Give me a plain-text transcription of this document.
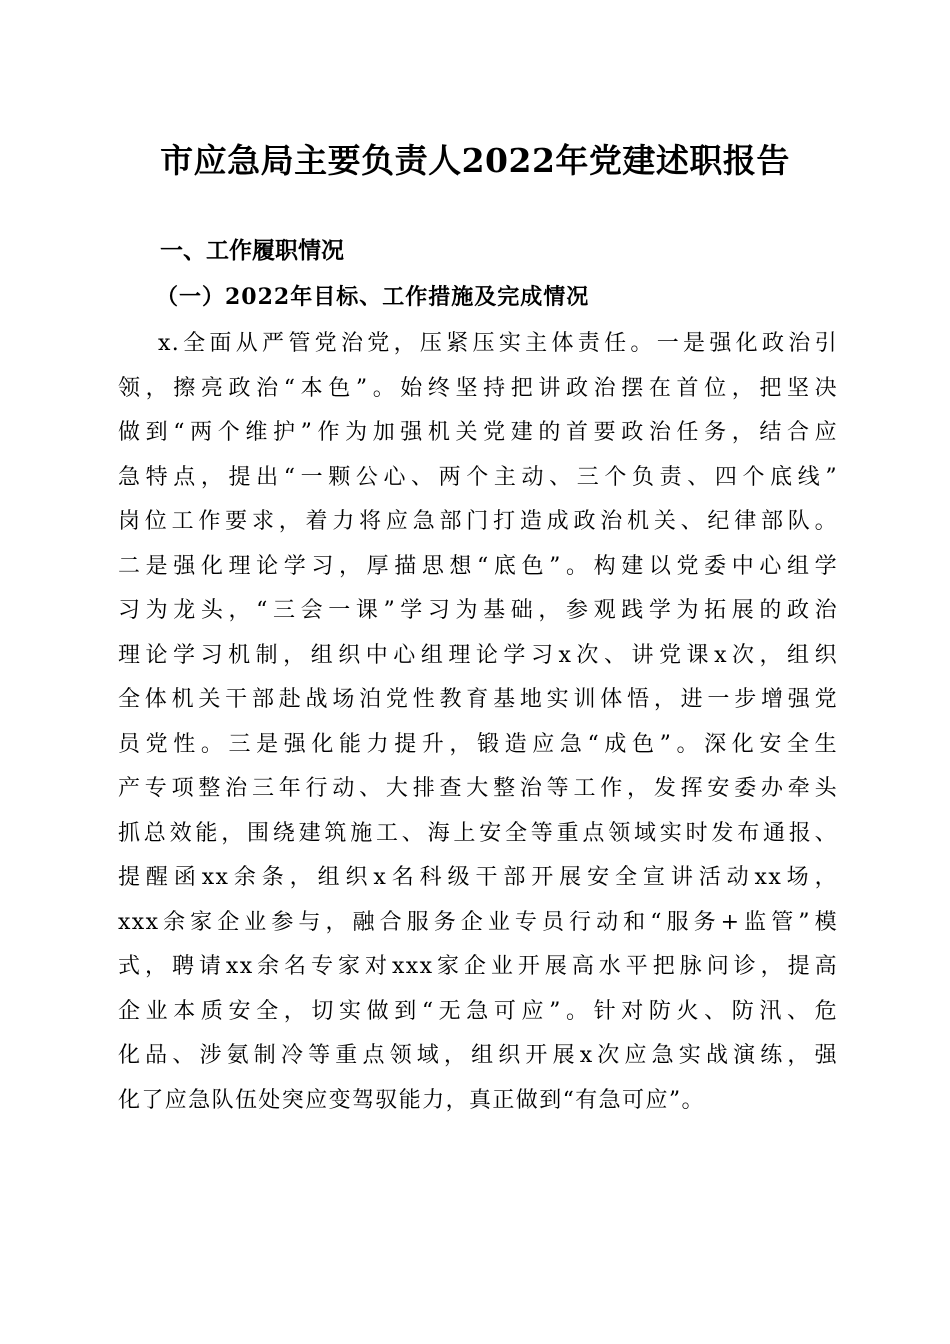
市应急局主要负责人2022年党建述职报告
一、工作履职情况
（一）2022年目标、工作措施及完成情况
x.全面从严管党治党，压紧压实主体责任。一是强化政治引
领，擦亮政治“本色”。始终坚持把讲政治摆在首位，把坚决
做到“两个维护”作为加强机关党建的首要政治任务，结合应
急特点，提出“一颗公心、两个主动、三个负责、四个底线”
岗位工作要求，着力将应急部门打造成政治机关、纪律部队。
二是强化理论学习，厚描思想“底色”。构建以党委中心组学
习为龙头，“三会一课”学习为基础，参观践学为拓展的政治
理论学习机制，组织中心组理论学习x次、讲党课x次，组织
全体机关干部赴战场泊党性教育基地实训体悟，进一步增强党
员党性。三是强化能力提升，锻造应急“成色”。深化安全生
产专项整治三年行动、大排查大整治等工作，发挥安委办牵头
抓总效能，围绕建筑施工、海上安全等重点领域实时发布通报、
提醒函xx余条，组织x名科级干部开展安全宣讲活动xx场，
xxx余家企业参与，融合服务企业专员行动和“服务+监管”模
式，聘请xx余名专家对xxx家企业开展高水平把脉问诊，提高
企业本质安全，切实做到“无急可应”。针对防火、防汛、危
化品、涉氨制冷等重点领域，组织开展x次应急实战演练，强
化了应急队伍处突应变驾驭能力，真正做到“有急可应”。
